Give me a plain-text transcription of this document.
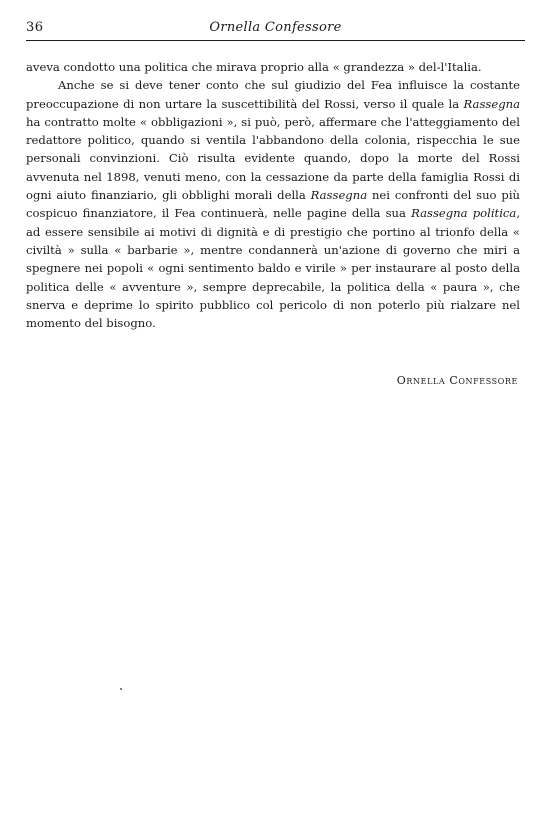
36	Ornella Confessore

aveva condotto una politica che mirava proprio alla « grandezza » del-l'Italia.

Anche se si deve tener conto che sul giudizio del Fea influisce la costante preoccupazione di non urtare la suscettibilità del Rossi, verso il quale la Rassegna ha contratto molte « obbligazioni », si può, però, affermare che l'atteggiamento del redattore politico, quando si ventila l'abbandono della colonia, rispecchia le sue personali convinzioni. Ciò risulta evidente quando, dopo la morte del Rossi avvenuta nel 1898, venuti meno, con la cessazione da parte della famiglia Rossi di ogni aiuto finanziario, gli obblighi morali della Rassegna nei confronti del suo più cospicuo finanziatore, il Fea continuerà, nelle pagine della sua Rassegna politica, ad essere sensibile ai motivi di dignità e di prestigio che portino al trionfo della « civiltà » sulla « barbarie », mentre condannerà un'azione di governo che miri a spegnere nei popoli « ogni sentimento baldo e virile » per instaurare al posto della politica delle « avventure », sempre deprecabile, la politica della « paura », che snerva e deprime lo spirito pubblico col pericolo di non poterlo più rialzare nel momento del bisogno.

Ornella Confessore
